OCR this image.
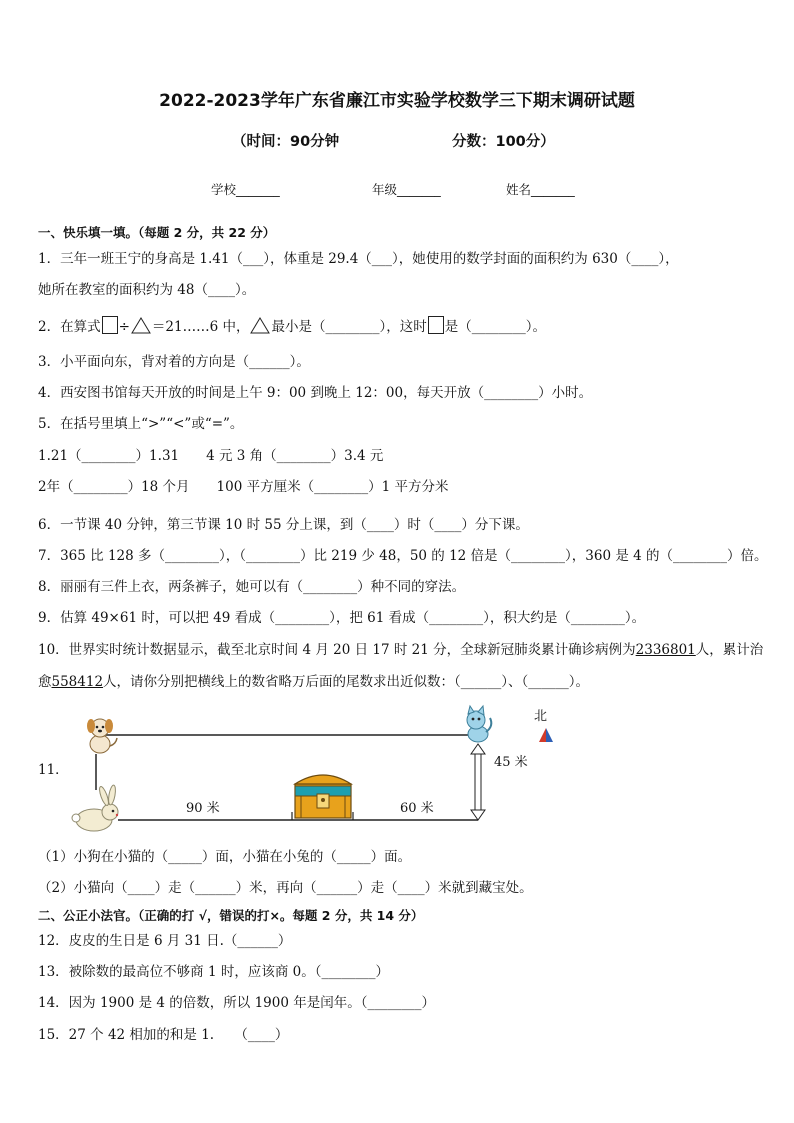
2022-2023学年广东省廉江市实验学校数学三下期末调研试题
（时间：90分钟	分数：100分）
学校_______	年级_______	姓名_______
一、快乐填一填。（每题 2 分，共 22 分）
1．三年一班王宁的身高是 1.41（___），体重是 29.4（___），她使用的数学封面的面积约为 630（____），
她所在教室的面积约为 48（____）。
2．在算式 ÷ ＝21……6 中， 最小是（________），这时 是（________）。
3．小平面向东，背对着的方向是（______）。
4．西安图书馆每天开放的时间是上午 9：00 到晚上 12：00，每天开放（________）小时。
5．在括号里填上“>”“<”或“=”。
1.21（________）1.31　　4 元 3 角（________）3.4 元
2年（________）18 个月　　100 平方厘米（________）1 平方分米
6．一节课 40 分钟，第三节课 10 时 55 分上课，到（____）时（____）分下课。
7．365 比 128 多（________），（________）比 219 少 48，50 的 12 倍是（________），360 是 4 的（________）倍。
8．丽丽有三件上衣，两条裤子，她可以有（________）种不同的穿法。
9．估算 49×61 时，可以把 49 看成（________），把 61 看成（________），积大约是（________）。
10．世界实时统计数据显示，截至北京时间 4 月 20 日 17 时 21 分，全球新冠肺炎累计确诊病例为2336801人，累计治
愈558412人，请你分别把横线上的数省略万后面的尾数求出近似数：（______）、（______）。
11．
北
90 米	60 米
45 米
（1）小狗在小猫的（_____）面，小猫在小兔的（_____）面。
（2）小猫向（____）走（______）米，再向（______）走（____）米就到藏宝处。
二、公正小法官。（正确的打 √，错误的打×。每题 2 分，共 14 分）
12．皮皮的生日是 6 月 31 日.（______）
13．被除数的最高位不够商 1 时，应该商 0。（________）
14．因为 1900 是 4 的倍数，所以 1900 年是闰年。（________）
15．27 个 42 相加的和是 1.　　（____）
